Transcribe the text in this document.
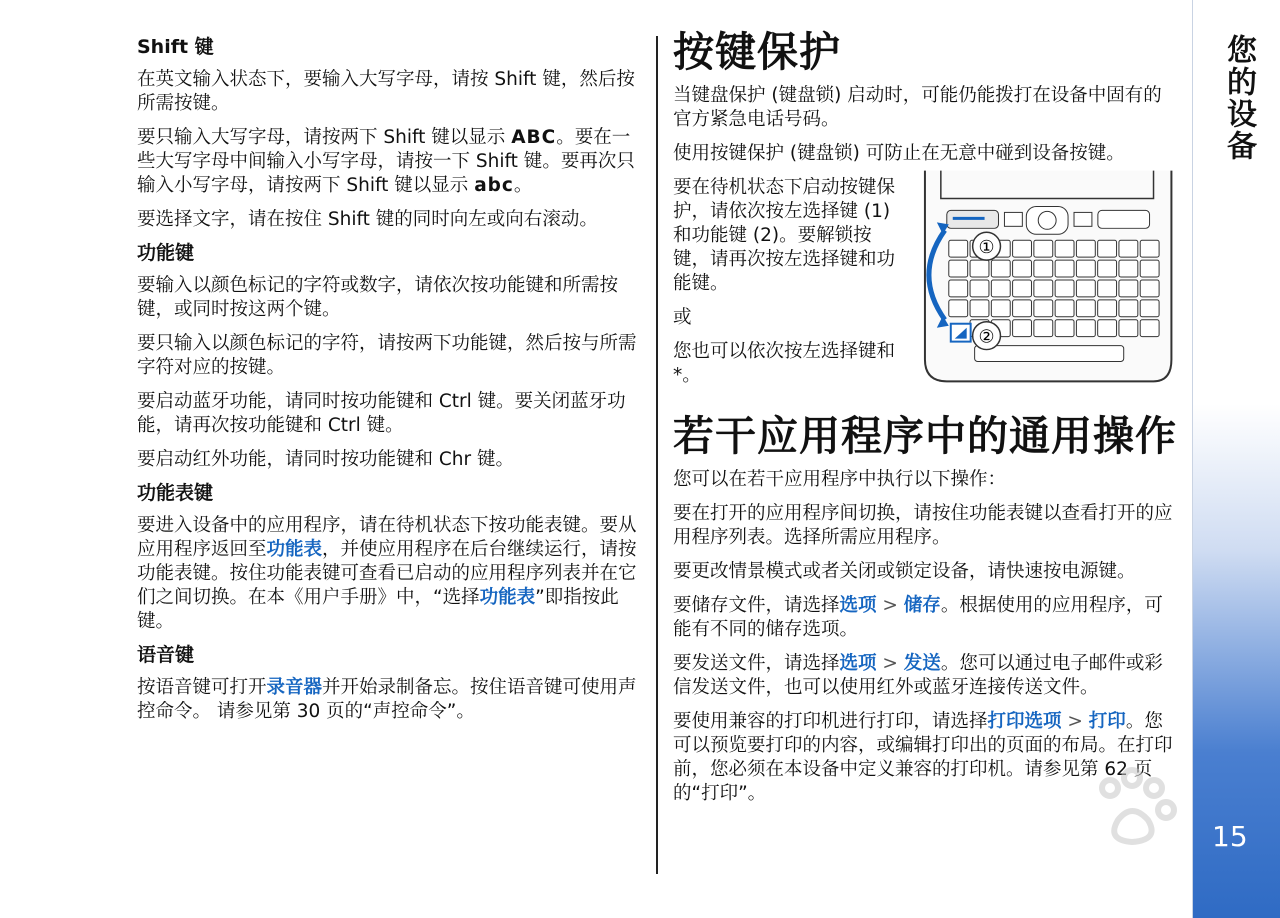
Shift 键

在英文输入状态下，要输入大写字母，请按 Shift 键，然后按所需按键。

要只输入大写字母，请按两下 Shift 键以显示 ABC。要在一些大写字母中间输入小写字母，请按一下 Shift 键。要再次只输入小写字母，请按两下 Shift 键以显示 abc。

要选择文字，请在按住 Shift 键的同时向左或向右滚动。

功能键

要输入以颜色标记的字符或数字，请依次按功能键和所需按键，或同时按这两个键。

要只输入以颜色标记的字符，请按两下功能键，然后按与所需字符对应的按键。

要启动蓝牙功能，请同时按功能键和 Ctrl 键。要关闭蓝牙功能，请再次按功能键和 Ctrl 键。

要启动红外功能，请同时按功能键和 Chr 键。

功能表键

要进入设备中的应用程序，请在待机状态下按功能表键。要从应用程序返回至功能表，并使应用程序在后台继续运行，请按功能表键。按住功能表键可查看已启动的应用程序列表并在它们之间切换。在本《用户手册》中，“选择功能表”即指按此键。

语音键

按语音键可打开录音器并开始录制备忘。按住语音键可使用声控命令。 请参见第 30 页的“声控命令”。

按键保护

当键盘保护 (键盘锁) 启动时，可能仍能拨打在设备中固有的官方紧急电话号码。

使用按键保护 (键盘锁) 可防止在无意中碰到设备按键。

要在待机状态下启动按键保护，请依次按左选择键 (1) 和功能键 (2)。要解锁按键，请再次按左选择键和功能键。

或

您也可以依次按左选择键和 *。

①
②
若干应用程序中的通用操作

您可以在若干应用程序中执行以下操作：

要在打开的应用程序间切换，请按住功能表键以查看打开的应用程序列表。选择所需应用程序。

要更改情景模式或者关闭或锁定设备，请快速按电源键。

要储存文件，请选择选项 > 储存。根据使用的应用程序，可能有不同的储存选项。

要发送文件，请选择选项 > 发送。您可以通过电子邮件或彩信发送文件，也可以使用红外或蓝牙连接传送文件。

要使用兼容的打印机进行打印，请选择打印选项 > 打印。您可以预览要打印的内容，或编辑打印出的页面的布局。在打印前，您必须在本设备中定义兼容的打印机。请参见第 62 页的“打印”。

您的设备
15
